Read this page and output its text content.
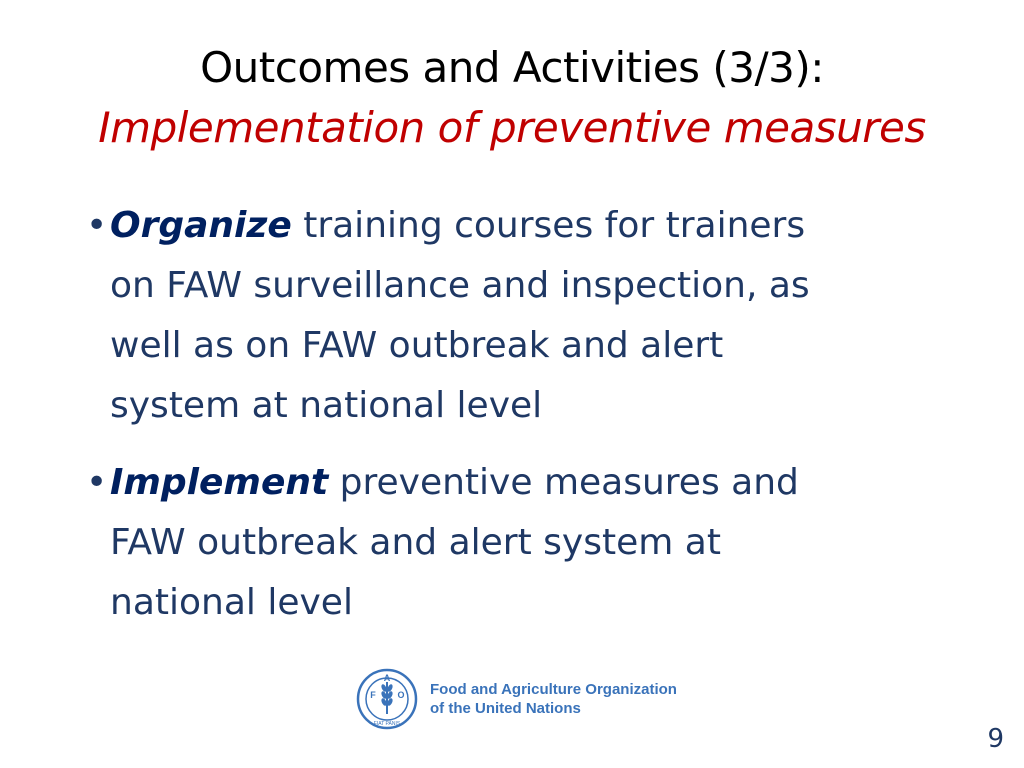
Outcomes and Activities (3/3):
Implementation of preventive measures
• Organize training courses for trainers
on FAW surveillance and inspection, as
well as on FAW outbreak and alert
system at national level
• Implement preventive measures and
FAW outbreak and alert system at
national level
F
A
O
FIAT PANIS
Food and Agriculture Organization
of the United Nations
9
